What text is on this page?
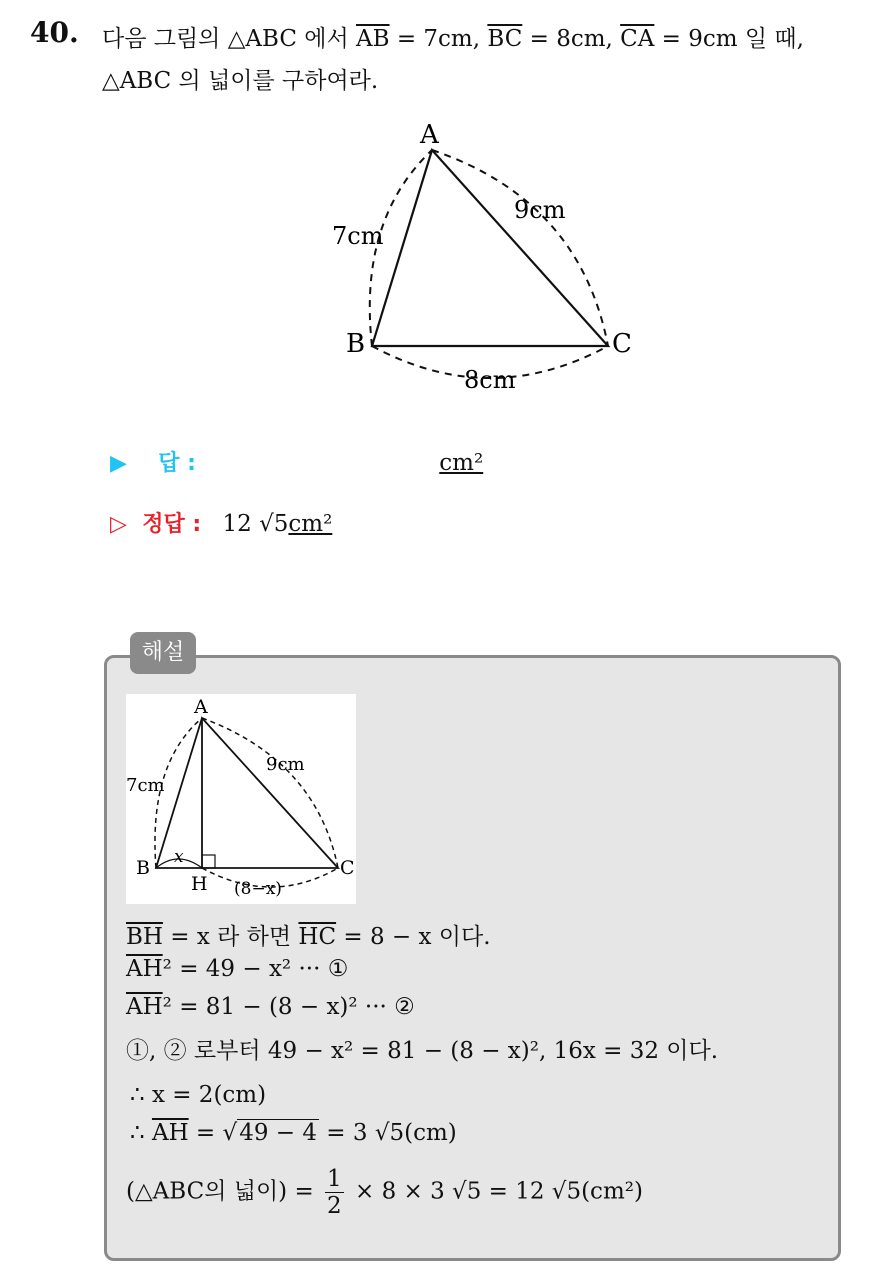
40. 다음 그림의 △ABC 에서 $\overline{AB} = 7cm$, $\overline{BC} = 8cm$, $\overline{CA} = 9cm$ 일 때,
△ABC 의 넓이를 구하여라.
A
B	C
7cm
9cm
8cm
▶ 답 :	cm²
▷ 정답 : 12 √5cm²
해설
A
B	C
H
7cm
9cm
x
(8−x)
$\overline{BH} = x$ 라 하면 $\overline{HC} = 8 - x$ 이다.
$\overline{AH}^2 = 49 - x^2$ ··· ①
$\overline{AH}^2 = 81 - (8 - x)^2$ ··· ②
①, ② 로부터 49 − x² = 81 − (8 − x)², 16x = 32 이다.
∴ x = 2(cm)
∴ $\overline{AH} = √49 - 4 = 3$ √5(cm)
(△ABC의 넓이) = $\frac{1}{2} \times 8 \times 3$ √5 = 12 √5(cm²)
